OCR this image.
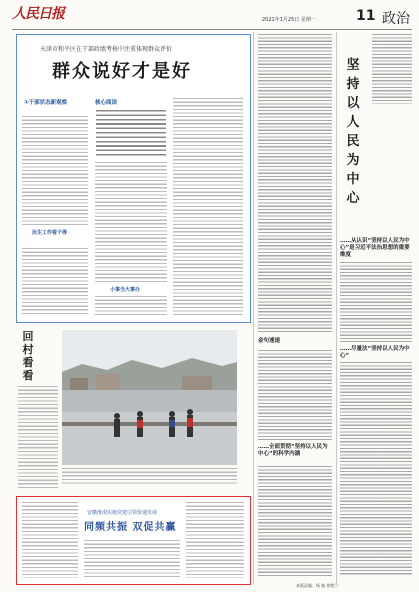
人民日报	2021年1月25日 星期一	11 政治
天津市和平区在干部政绩考核中注重体现群众评价
群众说好才是好
①干部状态新观察	核心阅读
民生工作看干得
小事当大事办
金句速递
……全面贯彻“坚持以人民为中心”的科学内涵
坚持以人民为中心
……从认识“坚持以人民为中心”是习近平法治思想的重要维度
……尽量法“坚持以人民为中心”
回村看看
安徽淮南实施党建引领快速发展
同频共振 双促共赢
本版责编：杨 帆 徐铭兰
